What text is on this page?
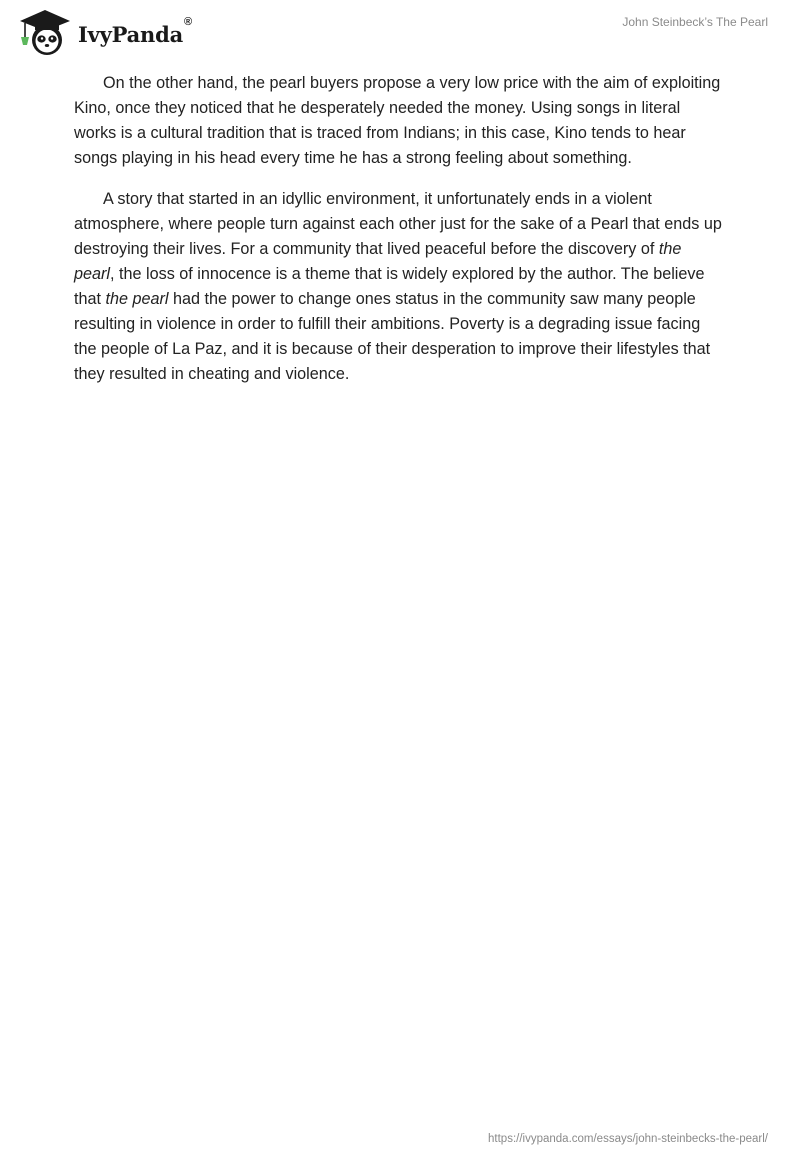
IvyPanda ®	John Steinbeck’s The Pearl

On the other hand, the pearl buyers propose a very low price with the aim of exploiting Kino, once they noticed that he desperately needed the money. Using songs in literal works is a cultural tradition that is traced from Indians; in this case, Kino tends to hear songs playing in his head every time he has a strong feeling about something.

A story that started in an idyllic environment, it unfortunately ends in a violent atmosphere, where people turn against each other just for the sake of a Pearl that ends up destroying their lives. For a community that lived peaceful before the discovery of the pearl, the loss of innocence is a theme that is widely explored by the author. The believe that the pearl had the power to change ones status in the community saw many people resulting in violence in order to fulfill their ambitions. Poverty is a degrading issue facing the people of La Paz, and it is because of their desperation to improve their lifestyles that they resulted in cheating and violence.

https://ivypanda.com/essays/john-steinbecks-the-pearl/
